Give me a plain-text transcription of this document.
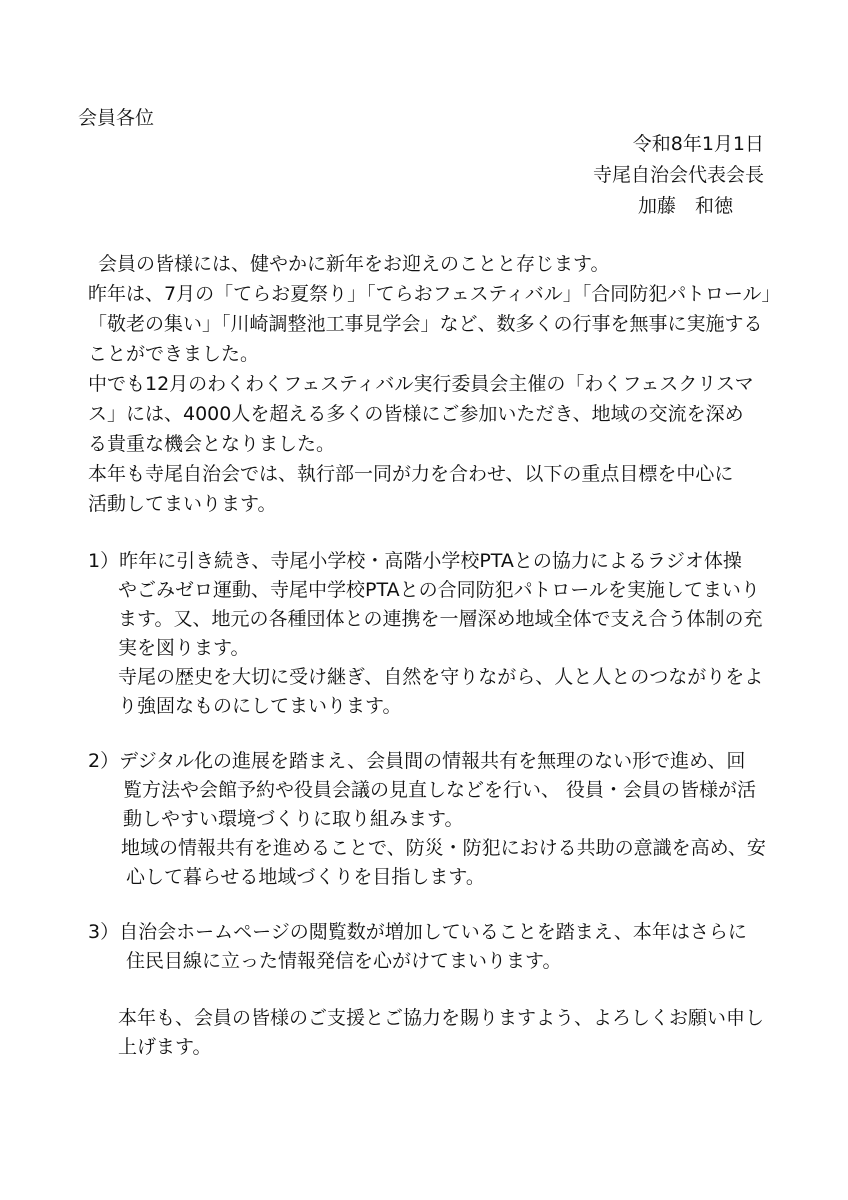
会員各位

令和8年1月1日

寺尾自治会代表会長

加藤　和徳

会員の皆様には、健やかに新年をお迎えのことと存じます。

昨年は、7月の「てらお夏祭り」「てらおフェスティバル」「合同防犯パトロール」

「敬老の集い」「川崎調整池工事見学会」など、数多くの行事を無事に実施する

ことができました。

中でも12月のわくわくフェスティバル実行委員会主催の「わくフェスクリスマ

ス」には、4000人を超える多くの皆様にご参加いただき、地域の交流を深め

る貴重な機会となりました。

本年も寺尾自治会では、執行部一同が力を合わせ、以下の重点目標を中心に

活動してまいります。

1）昨年に引き続き、寺尾小学校・高階小学校PTAとの協力によるラジオ体操

やごみゼロ運動、寺尾中学校PTAとの合同防犯パトロールを実施してまいり

ます。又、地元の各種団体との連携を一層深め地域全体で支え合う体制の充

実を図ります。

寺尾の歴史を大切に受け継ぎ、自然を守りながら、人と人とのつながりをよ

り強固なものにしてまいります。

2）デジタル化の進展を踏まえ、会員間の情報共有を無理のない形で進め、回

覧方法や会館予約や役員会議の見直しなどを行い、 役員・会員の皆様が活

動しやすい環境づくりに取り組みます。

地域の情報共有を進めることで、防災・防犯における共助の意識を高め、安

心して暮らせる地域づくりを目指します。

3）自治会ホームページの閲覧数が増加していることを踏まえ、本年はさらに

住民目線に立った情報発信を心がけてまいります。

本年も、会員の皆様のご支援とご協力を賜りますよう、よろしくお願い申し

上げます。
